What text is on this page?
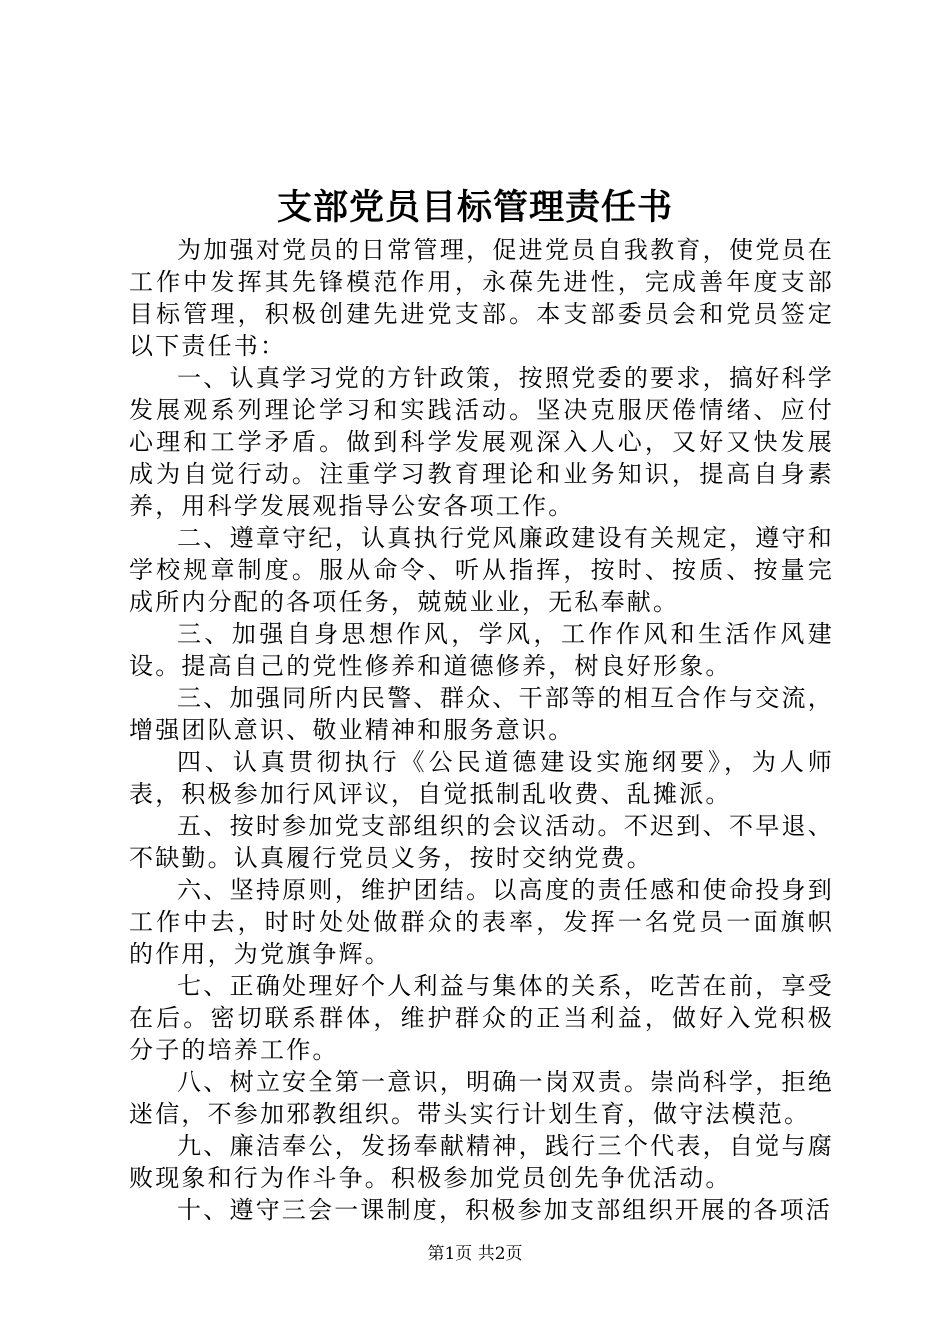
支部党员目标管理责任书

为加强对党员的日常管理，促进党员自我教育，使党员在工作中发挥其先锋模范作用，永葆先进性，完成善年度支部目标管理，积极创建先进党支部。本支部委员会和党员签定以下责任书：

一、认真学习党的方针政策，按照党委的要求，搞好科学发展观系列理论学习和实践活动。坚决克服厌倦情绪、应付心理和工学矛盾。做到科学发展观深入人心，又好又快发展成为自觉行动。注重学习教育理论和业务知识，提高自身素养，用科学发展观指导公安各项工作。

二、遵章守纪，认真执行党风廉政建设有关规定，遵守和学校规章制度。服从命令、听从指挥，按时、按质、按量完成所内分配的各项任务，兢兢业业，无私奉献。

三、加强自身思想作风，学风，工作作风和生活作风建设。提高自己的党性修养和道德修养，树良好形象。

三、加强同所内民警、群众、干部等的相互合作与交流，增强团队意识、敬业精神和服务意识。

四、认真贯彻执行《公民道德建设实施纲要》，为人师表，积极参加行风评议，自觉抵制乱收费、乱摊派。

五、按时参加党支部组织的会议活动。不迟到、不早退、不缺勤。认真履行党员义务，按时交纳党费。

六、坚持原则，维护团结。以高度的责任感和使命投身到工作中去，时时处处做群众的表率，发挥一名党员一面旗帜的作用，为党旗争辉。

七、正确处理好个人利益与集体的关系，吃苦在前，享受在后。密切联系群体，维护群众的正当利益，做好入党积极分子的培养工作。

八、树立安全第一意识，明确一岗双责。崇尚科学，拒绝迷信，不参加邪教组织。带头实行计划生育，做守法模范。

九、廉洁奉公，发扬奉献精神，践行三个代表，自觉与腐败现象和行为作斗争。积极参加党员创先争优活动。

十、遵守三会一课制度，积极参加支部组织开展的各项活

第1页 共2页
